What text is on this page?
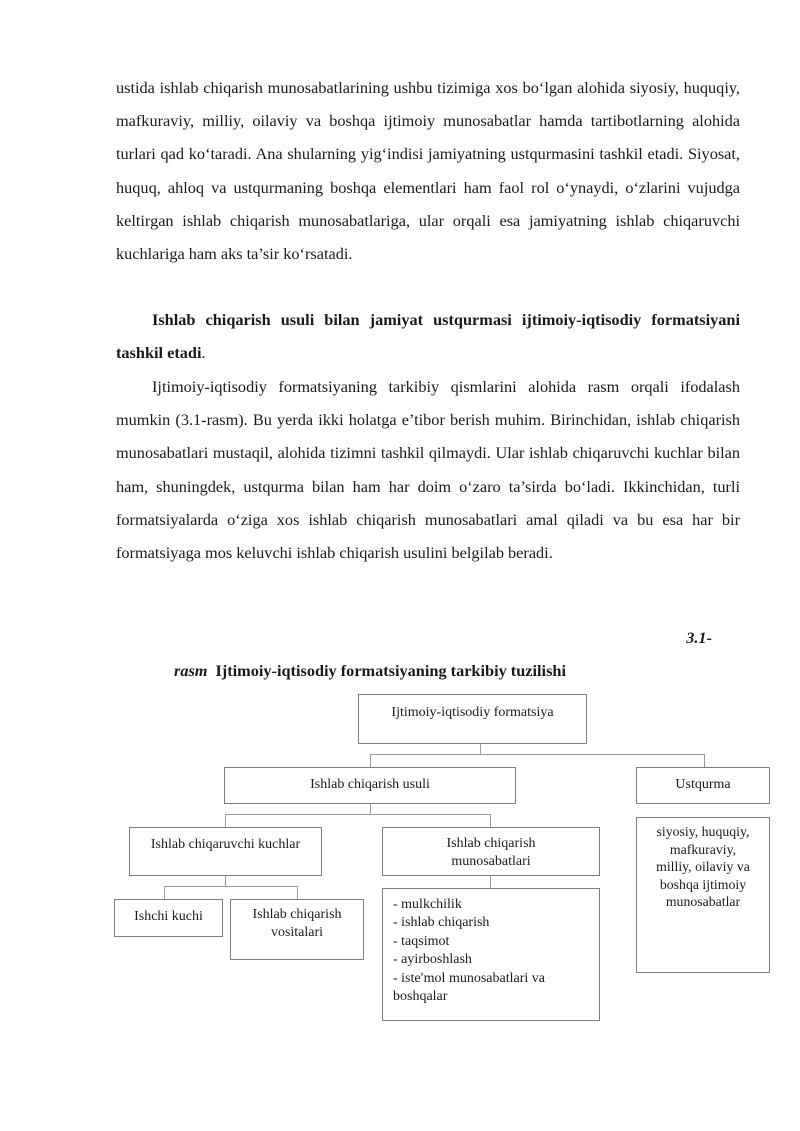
ustida ishlab chiqarish munosabatlarining ushbu tizimiga xos bo‘lgan alohida siyosiy, huquqiy, mafkuraviy, milliy, oilaviy va boshqa ijtimoiy munosabatlar hamda tartibotlarning alohida turlari qad ko‘taradi. Ana shularning yig‘indisi jamiyatning ustqurmasini tashkil etadi. Siyosat, huquq, ahloq va ustqurmaning boshqa elementlari ham faol rol o‘ynaydi, o‘zlarini vujudga keltirgan ishlab chiqarish munosabatlariga, ular orqali esa jamiyatning ishlab chiqaruvchi kuchlariga ham aks ta’sir ko‘rsatadi.

Ishlab chiqarish usuli bilan jamiyat ustqurmasi ijtimoiy-iqtisodiy formatsiyani tashkil etadi.

Ijtimoiy-iqtisodiy formatsiyaning tarkibiy qismlarini alohida rasm orqali ifodalash mumkin (3.1-rasm). Bu yerda ikki holatga e’tibor berish muhim. Birinchidan, ishlab chiqarish munosabatlari mustaqil, alohida tizimni tashkil qilmaydi. Ular ishlab chiqaruvchi kuchlar bilan ham, shuningdek, ustqurma bilan ham har doim o‘zaro ta’sirda bo‘ladi. Ikkinchidan, turli formatsiyalarda o‘ziga xos ishlab chiqarish munosabatlari amal qiladi va bu esa har bir formatsiyaga mos keluvchi ishlab chiqarish usulini belgilab beradi.

3.1-
rasm Ijtimoiy-iqtisodiy formatsiyaning tarkibiy tuzilishi
Ijtimoiy-iqtisodiy formatsiya
Ishlab chiqarish usuli	Ustqurma
Ishlab chiqaruvchi kuchlar	Ishlab chiqarish
munosabatlari
siyosiy, huquqiy,
mafkuraviy,
milliy, oilaviy va
boshqa ijtimoiy
munosabatlar
Ishchi kuchi	Ishlab chiqarish
vositalari
- mulkchilik
- ishlab chiqarish
- taqsimot
- ayirboshlash
- isteʹmol munosabatlari va
boshqalar
